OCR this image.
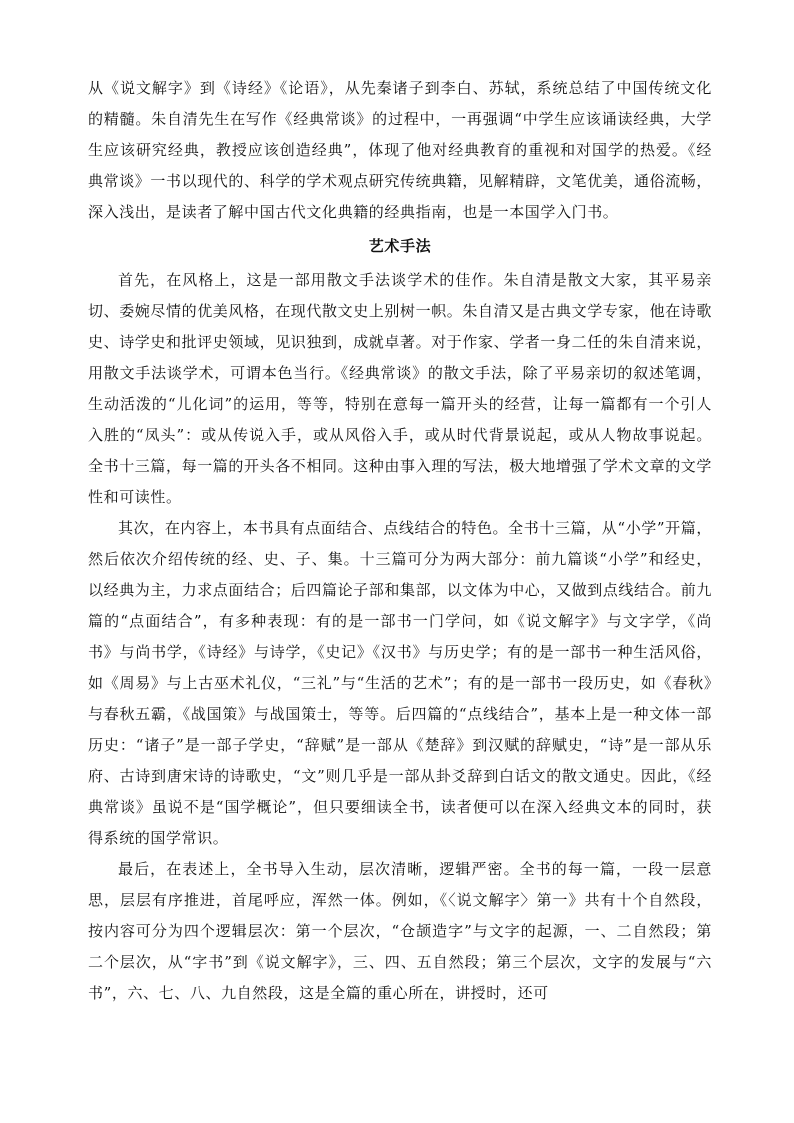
从《说文解字》到《诗经》《论语》，从先秦诸子到李白、苏轼，系统总结了中国传统文化的精髓。朱自清先生在写作《经典常谈》的过程中，一再强调“中学生应该诵读经典，大学生应该研究经典，教授应该创造经典”，体现了他对经典教育的重视和对国学的热爱。《经典常谈》一书以现代的、科学的学术观点研究传统典籍，见解精辟，文笔优美，通俗流畅，深入浅出，是读者了解中国古代文化典籍的经典指南，也是一本国学入门书。

艺术手法

首先，在风格上，这是一部用散文手法谈学术的佳作。朱自清是散文大家，其平易亲切、委婉尽情的优美风格，在现代散文史上别树一帜。朱自清又是古典文学专家，他在诗歌史、诗学史和批评史领域，见识独到，成就卓著。对于作家、学者一身二任的朱自清来说，用散文手法谈学术，可谓本色当行。《经典常谈》的散文手法，除了平易亲切的叙述笔调，生动活泼的“儿化词”的运用，等等，特别在意每一篇开头的经营，让每一篇都有一个引人入胜的“凤头”：或从传说入手，或从风俗入手，或从时代背景说起，或从人物故事说起。全书十三篇，每一篇的开头各不相同。这种由事入理的写法，极大地增强了学术文章的文学性和可读性。

其次，在内容上，本书具有点面结合、点线结合的特色。全书十三篇，从“小学”开篇，然后依次介绍传统的经、史、子、集。十三篇可分为两大部分：前九篇谈“小学”和经史，以经典为主，力求点面结合；后四篇论子部和集部，以文体为中心，又做到点线结合。前九篇的“点面结合”，有多种表现：有的是一部书一门学问，如《说文解字》与文字学，《尚书》与尚书学，《诗经》与诗学，《史记》《汉书》与历史学；有的是一部书一种生活风俗，如《周易》与上古巫术礼仪，“三礼”与“生活的艺术”；有的是一部书一段历史，如《春秋》与春秋五霸，《战国策》与战国策士，等等。后四篇的“点线结合”，基本上是一种文体一部历史：“诸子”是一部子学史，“辞赋”是一部从《楚辞》到汉赋的辞赋史，“诗”是一部从乐府、古诗到唐宋诗的诗歌史，“文”则几乎是一部从卦爻辞到白话文的散文通史。因此，《经典常谈》虽说不是“国学概论”，但只要细读全书，读者便可以在深入经典文本的同时，获得系统的国学常识。

最后，在表述上，全书导入生动，层次清晰，逻辑严密。全书的每一篇，一段一层意思，层层有序推进，首尾呼应，浑然一体。例如，《〈说文解字〉第一》共有十个自然段，按内容可分为四个逻辑层次：第一个层次，“仓颉造字”与文字的起源，一、二自然段；第二个层次，从“字书”到《说文解字》，三、四、五自然段；第三个层次，文字的发展与“六书”，六、七、八、九自然段，这是全篇的重心所在，讲授时，还可
